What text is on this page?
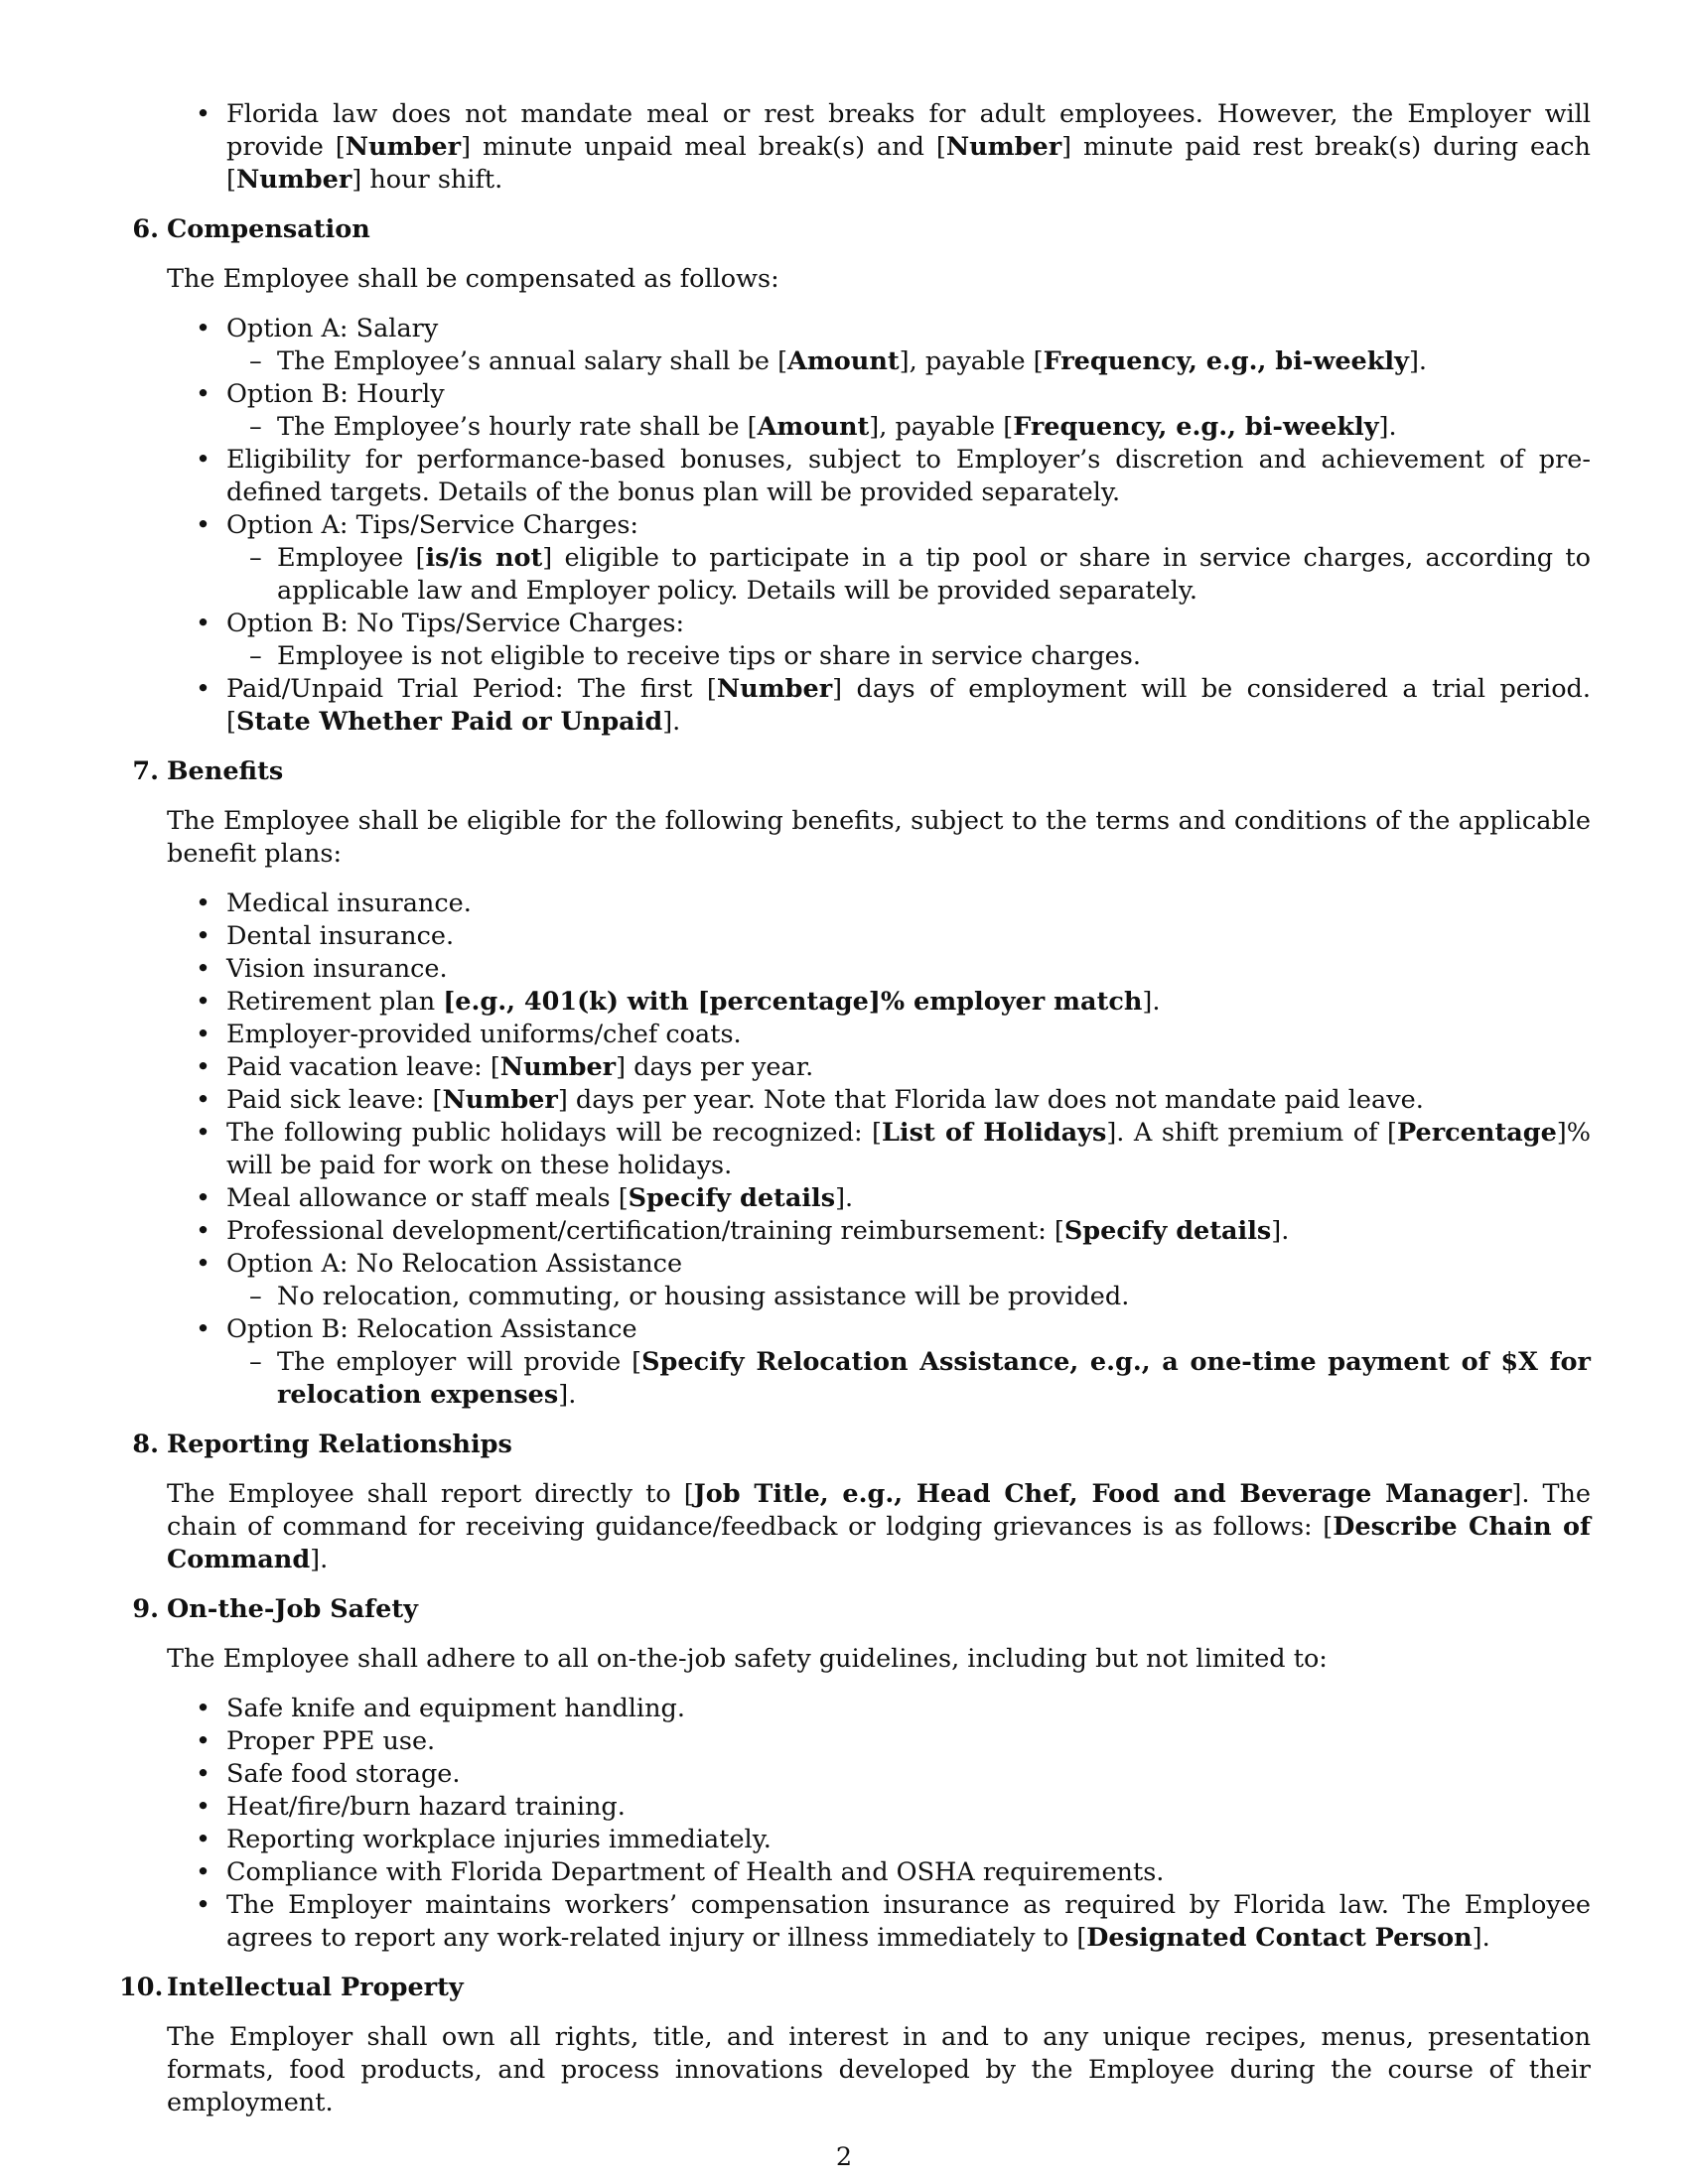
• Florida law does not mandate meal or rest breaks for adult employees. However, the Employer will provide [Number] minute unpaid meal break(s) and [Number] minute paid rest break(s) during each [Number] hour shift.
6. Compensation
The Employee shall be compensated as follows:
• Option A: Salary
– The Employee’s annual salary shall be [Amount], payable [Frequency, e.g., bi-weekly].
• Option B: Hourly
– The Employee’s hourly rate shall be [Amount], payable [Frequency, e.g., bi-weekly].
• Eligibility for performance-based bonuses, subject to Employer’s discretion and achievement of pre-defined targets. Details of the bonus plan will be provided separately.
• Option A: Tips/Service Charges:
– Employee [is/is not] eligible to participate in a tip pool or share in service charges, according to applicable law and Employer policy. Details will be provided separately.
• Option B: No Tips/Service Charges:
– Employee is not eligible to receive tips or share in service charges.
• Paid/Unpaid Trial Period: The first [Number] days of employment will be considered a trial period. [State Whether Paid or Unpaid].
7. Benefits
The Employee shall be eligible for the following benefits, subject to the terms and conditions of the applicable benefit plans:
• Medical insurance.
• Dental insurance.
• Vision insurance.
• Retirement plan [e.g., 401(k) with [percentage]% employer match].
• Employer-provided uniforms/chef coats.
• Paid vacation leave: [Number] days per year.
• Paid sick leave: [Number] days per year. Note that Florida law does not mandate paid leave.
• The following public holidays will be recognized: [List of Holidays]. A shift premium of [Percentage]% will be paid for work on these holidays.
• Meal allowance or staff meals [Specify details].
• Professional development/certification/training reimbursement: [Specify details].
• Option A: No Relocation Assistance
– No relocation, commuting, or housing assistance will be provided.
• Option B: Relocation Assistance
– The employer will provide [Specify Relocation Assistance, e.g., a one-time payment of $X for relocation expenses].
8. Reporting Relationships
The Employee shall report directly to [Job Title, e.g., Head Chef, Food and Beverage Manager]. The chain of command for receiving guidance/feedback or lodging grievances is as follows: [Describe Chain of Command].
9. On-the-Job Safety
The Employee shall adhere to all on-the-job safety guidelines, including but not limited to:
• Safe knife and equipment handling.
• Proper PPE use.
• Safe food storage.
• Heat/fire/burn hazard training.
• Reporting workplace injuries immediately.
• Compliance with Florida Department of Health and OSHA requirements.
• The Employer maintains workers’ compensation insurance as required by Florida law. The Employee agrees to report any work-related injury or illness immediately to [Designated Contact Person].
10. Intellectual Property
The Employer shall own all rights, title, and interest in and to any unique recipes, menus, presentation formats, food products, and process innovations developed by the Employee during the course of their employment.
2
